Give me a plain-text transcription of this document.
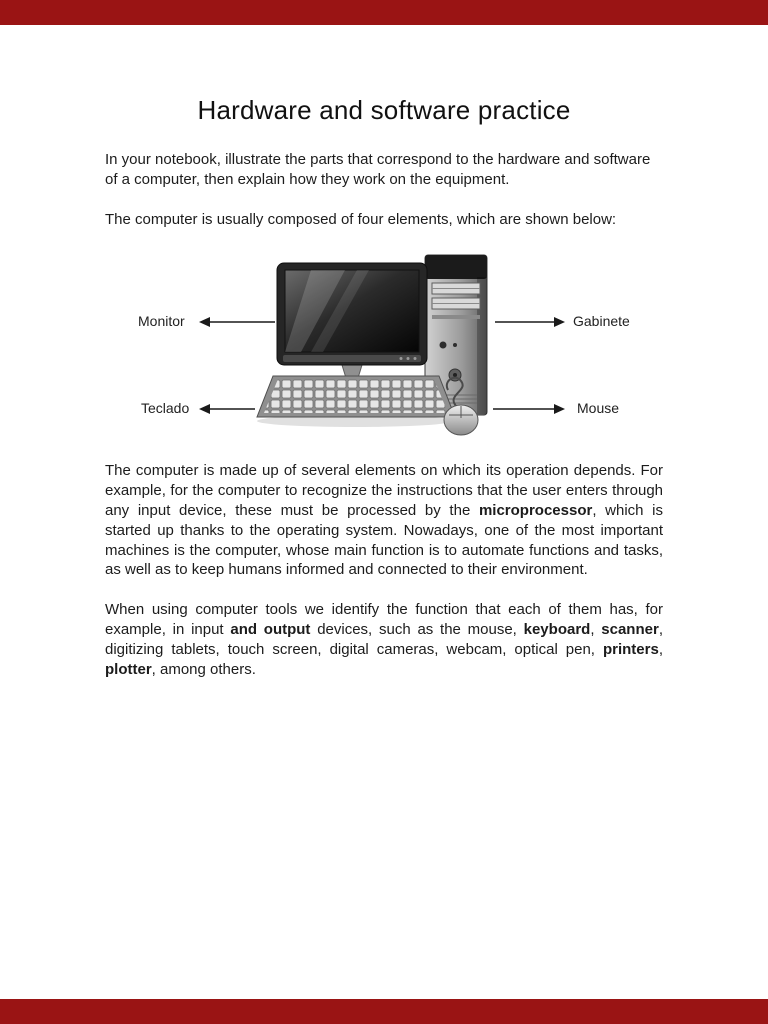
Hardware and software practice

In your notebook, illustrate the parts that correspond to the hardware and software of a computer, then explain how they work on the equipment.

The computer is usually composed of four elements, which are shown below:

Monitor	Gabinete
Teclado	Mouse

The computer is made up of several elements on which its operation depends. For example, for the computer to recognize the instructions that the user enters through any input device, these must be processed by the microprocessor, which is started up thanks to the operating system. Nowadays, one of the most important machines is the computer, whose main function is to automate functions and tasks, as well as to keep humans informed and connected to their environment.

When using computer tools we identify the function that each of them has, for example, in input and output devices, such as the mouse, keyboard, scanner, digitizing tablets, touch screen, digital cameras, webcam, optical pen, printers, plotter, among others.
